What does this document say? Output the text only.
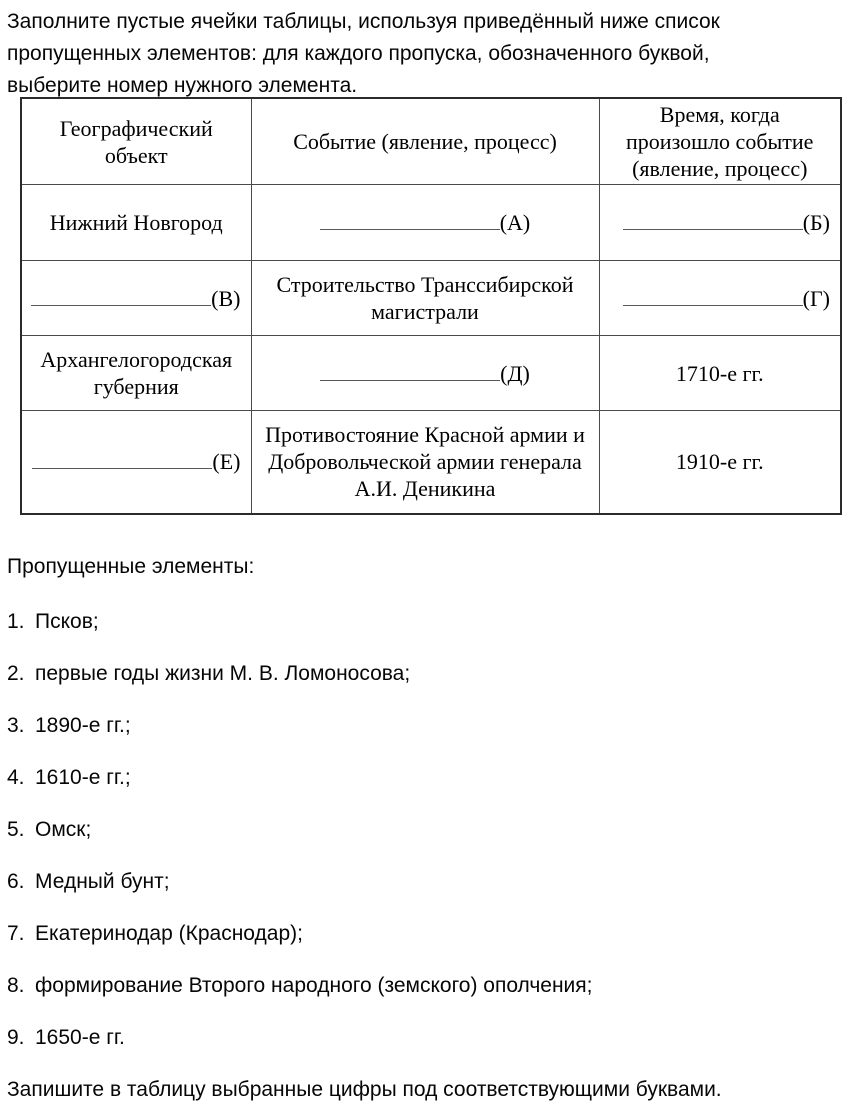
Заполните пустые ячейки таблицы, используя приведённый ниже список пропущенных элементов: для каждого пропуска, обозначенного буквой, выберите номер нужного элемента.
Географический объект	Событие (явление, процесс)	Время, когда произошло событие (явление, процесс)
Нижний Новгород	(А)	(Б)
(В)	Строительство Транссибирской магистрали	(Г)
Архангелогородская губерния	(Д)	1710-е гг.
(Е)	Противостояние Красной армии и Добровольческой армии генерала А.И. Деникина	1910-е гг.
Пропущенные элементы:
1. Псков;
2. первые годы жизни М. В. Ломоносова;
3. 1890-е гг.;
4. 1610-е гг.;
5. Омск;
6. Медный бунт;
7. Екатеринодар (Краснодар);
8. формирование Второго народного (земского) ополчения;
9. 1650-е гг.
Запишите в таблицу выбранные цифры под соответствующими буквами.
